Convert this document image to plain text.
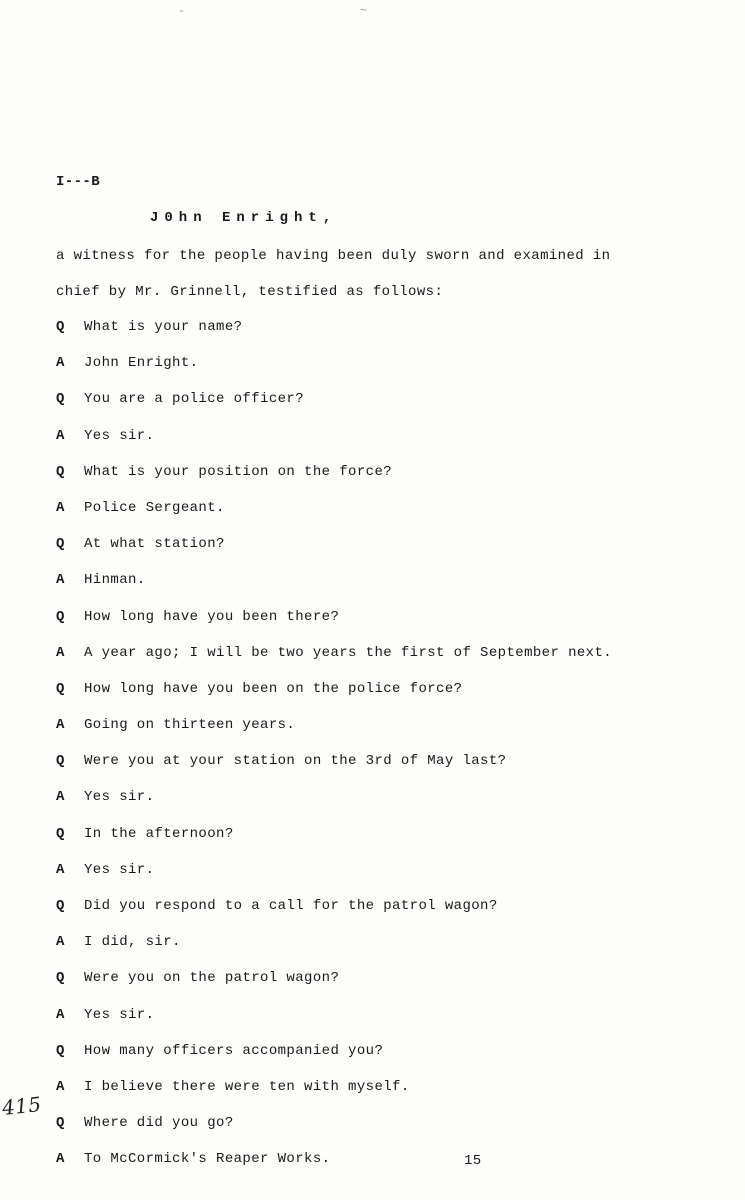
-	~
I---B
J0hn Enright,
a witness for the people having been duly sworn and examined in
chief by Mr. Grinnell, testified as follows:
Q What is your name?
A John Enright.
Q You are a police officer?
A Yes sir.
Q What is your position on the force?
A Police Sergeant.
Q At what station?
A Hinman.
Q How long have you been there?
A A year ago; I will be two years the first of September next.
Q How long have you been on the police force?
A Going on thirteen years.
Q Were you at your station on the 3rd of May last?
A Yes sir.
Q In the afternoon?
A Yes sir.
Q Did you respond to a call for the patrol wagon?
A I did, sir.
Q Were you on the patrol wagon?
A Yes sir.
Q How many officers accompanied you?
A I believe there were ten with myself.
Q Where did you go?
A To McCormick's Reaper Works.
415
15
